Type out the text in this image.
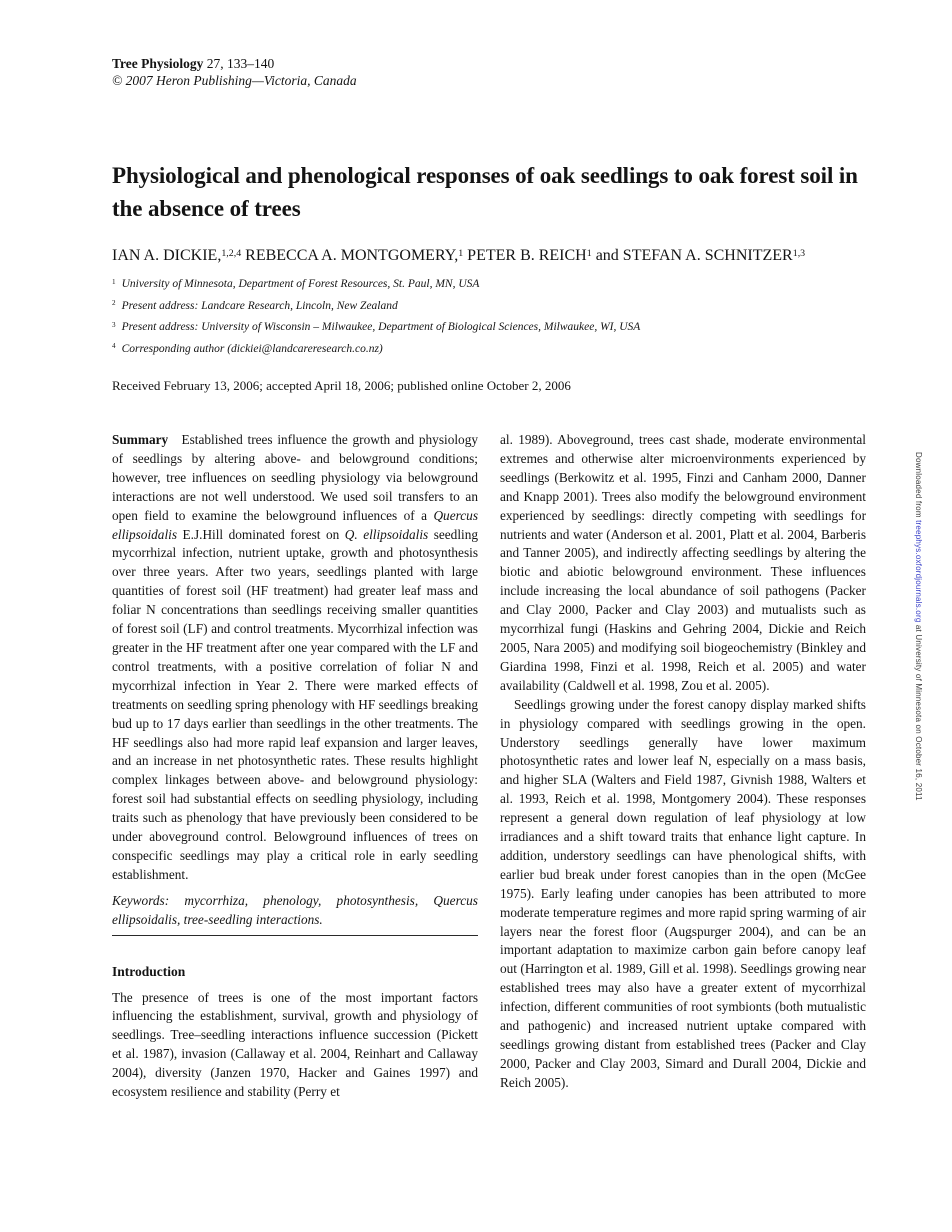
Tree Physiology 27, 133–140
© 2007 Heron Publishing—Victoria, Canada
Physiological and phenological responses of oak seedlings to oak forest soil in the absence of trees
IAN A. DICKIE,$^{1,2,4}$ REBECCA A. MONTGOMERY,$^1$ PETER B. REICH$^1$ and STEFAN A. SCHNITZER$^{1,3}$
$^1$ University of Minnesota, Department of Forest Resources, St. Paul, MN, USA
$^2$ Present address: Landcare Research, Lincoln, New Zealand
$^3$ Present address: University of Wisconsin – Milwaukee, Department of Biological Sciences, Milwaukee, WI, USA
$^4$ Corresponding author (dickiei@landcareresearch.co.nz)
Received February 13, 2006; accepted April 18, 2006; published online October 2, 2006

Summary  Established trees influence the growth and physiology of seedlings by altering above- and belowground conditions; however, tree influences on seedling physiology via belowground interactions are not well understood. We used soil transfers to an open field to examine the belowground influences of a Quercus ellipsoidalis E.J.Hill dominated forest on Q. ellipsoidalis seedling mycorrhizal infection, nutrient uptake, growth and photosynthesis over three years. After two years, seedlings planted with large quantities of forest soil (HF treatment) had greater leaf mass and foliar N concentrations than seedlings receiving smaller quantities of forest soil (LF) and control treatments. Mycorrhizal infection was greater in the HF treatment after one year compared with the LF and control treatments, with a positive correlation of foliar N and mycorrhizal infection in Year 2. There were marked effects of treatments on seedling spring phenology with HF seedlings breaking bud up to 17 days earlier than seedlings in the other treatments. The HF seedlings also had more rapid leaf expansion and larger leaves, and an increase in net photosynthetic rates. These results highlight complex linkages between above- and belowground physiology: forest soil had substantial effects on seedling physiology, including traits such as phenology that have previously been considered to be under aboveground control. Belowground influences of trees on conspecific seedlings may play a critical role in early seedling establishment.

Keywords: mycorrhiza, phenology, photosynthesis, Quercus ellipsoidalis, tree-seedling interactions.

Introduction

The presence of trees is one of the most important factors influencing the establishment, survival, growth and physiology of seedlings. Tree–seedling interactions influence succession (Pickett et al. 1987), invasion (Callaway et al. 2004, Reinhart and Callaway 2004), diversity (Janzen 1970, Hacker and Gaines 1997) and ecosystem resilience and stability (Perry et

al. 1989). Aboveground, trees cast shade, moderate environmental extremes and otherwise alter microenvironments experienced by seedlings (Berkowitz et al. 1995, Finzi and Canham 2000, Danner and Knapp 2001). Trees also modify the belowground environment experienced by seedlings: directly competing with seedlings for nutrients and water (Anderson et al. 2001, Platt et al. 2004, Barberis and Tanner 2005), and indirectly affecting seedlings by altering the biotic and abiotic belowground environment. These influences include increasing the local abundance of soil pathogens (Packer and Clay 2000, Packer and Clay 2003) and mutualists such as mycorrhizal fungi (Haskins and Gehring 2004, Dickie and Reich 2005, Nara 2005) and modifying soil biogeochemistry (Binkley and Giardina 1998, Finzi et al. 1998, Reich et al. 2005) and water availability (Caldwell et al. 1998, Zou et al. 2005).

Seedlings growing under the forest canopy display marked shifts in physiology compared with seedlings growing in the open. Understory seedlings generally have lower maximum photosynthetic rates and lower leaf N, especially on a mass basis, and higher SLA (Walters and Field 1987, Givnish 1988, Walters et al. 1993, Reich et al. 1998, Montgomery 2004). These responses represent a general down regulation of leaf physiology at low irradiances and a shift toward traits that enhance light capture. In addition, understory seedlings can have phenological shifts, with earlier bud break under forest canopies than in the open (McGee 1975). Early leafing under canopies has been attributed to more moderate temperature regimes and more rapid spring warming of air layers near the forest floor (Augspurger 2004), and can be an important adaptation to maximize carbon gain before canopy leaf out (Harrington et al. 1989, Gill et al. 1998). Seedlings growing near established trees may also have a greater extent of mycorrhizal infection, different communities of root symbionts (both mutualistic and pathogenic) and increased nutrient uptake compared with seedlings growing distant from established trees (Packer and Clay 2000, Packer and Clay 2003, Simard and Durall 2004, Dickie and Reich 2005).

Downloaded from treephys.oxfordjournals.org at University of Minnesota on October 16, 2011
